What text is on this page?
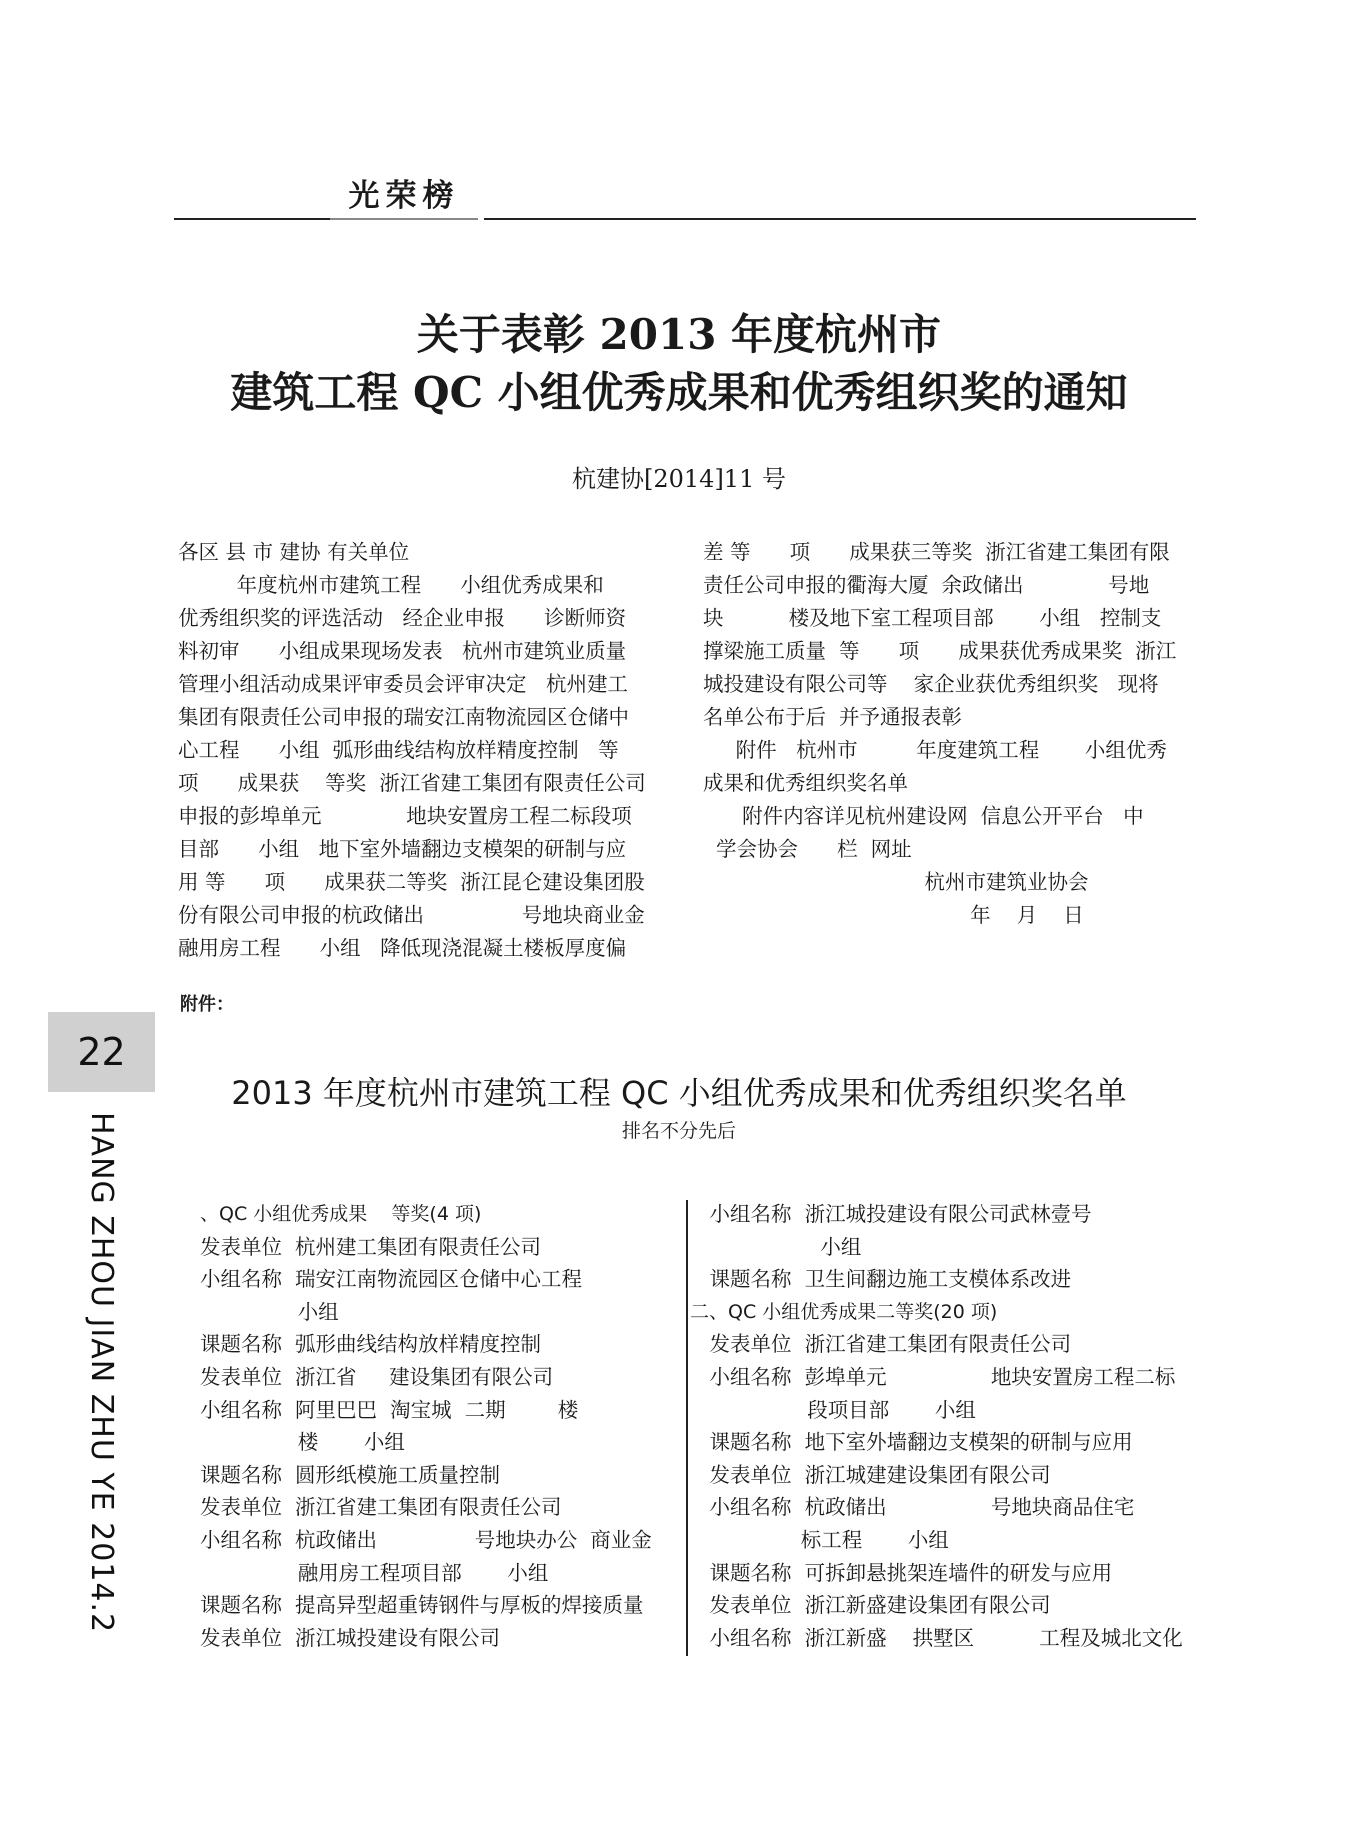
光荣榜
关于表彰 2013 年度杭州市
建筑工程 QC 小组优秀成果和优秀组织奖的通知
杭建协[2014]11 号
各区 县 市 建协 有关单位
年度杭州市建筑工程      小组优秀成果和
优秀组织奖的评选活动   经企业申报      诊断师资
料初审      小组成果现场发表   杭州市建筑业质量
管理小组活动成果评审委员会评审决定   杭州建工
集团有限责任公司申报的瑞安江南物流园区仓储中
心工程      小组  弧形曲线结构放样精度控制   等
项      成果获    等奖  浙江省建工集团有限责任公司
申报的彭埠单元             地块安置房工程二标段项
目部      小组   地下室外墙翻边支模架的研制与应
用 等      项      成果获二等奖  浙江昆仑建设集团股
份有限公司申报的杭政储出               号地块商业金
融用房工程      小组   降低现浇混凝土楼板厚度偏
差 等      项      成果获三等奖  浙江省建工集团有限
责任公司申报的衢海大厦  余政储出             号地
块          楼及地下室工程项目部       小组   控制支
撑梁施工质量  等      项      成果获优秀成果奖  浙江
城投建设有限公司等    家企业获优秀组织奖   现将
名单公布于后  并予通报表彰
附件   杭州市         年度建筑工程       小组优秀
成果和优秀组织奖名单
附件内容详见杭州建设网  信息公开平台   中
学会协会      栏  网址
杭州市建筑业协会
年    月    日
附件：
22
HANG ZHOU JIAN ZHU YE 2014.2
2013 年度杭州市建筑工程 QC 小组优秀成果和优秀组织奖名单
排名不分先后
、QC 小组优秀成果    等奖(4 项)
发表单位  杭州建工集团有限责任公司
小组名称  瑞安江南物流园区仓储中心工程
小组
课题名称  弧形曲线结构放样精度控制
发表单位  浙江省     建设集团有限公司
小组名称  阿里巴巴  淘宝城  二期        楼
楼       小组
课题名称  圆形纸模施工质量控制
发表单位  浙江省建工集团有限责任公司
小组名称  杭政储出               号地块办公  商业金
融用房工程项目部       小组
课题名称  提高异型超重铸钢件与厚板的焊接质量
发表单位  浙江城投建设有限公司
小组名称  浙江城投建设有限公司武林壹号
小组
课题名称  卫生间翻边施工支模体系改进
二、QC 小组优秀成果二等奖(20 项)
发表单位  浙江省建工集团有限责任公司
小组名称  彭埠单元                地块安置房工程二标
段项目部       小组
课题名称  地下室外墙翻边支模架的研制与应用
发表单位  浙江城建建设集团有限公司
小组名称  杭政储出                号地块商品住宅
标工程       小组
课题名称  可拆卸悬挑架连墙件的研发与应用
发表单位  浙江新盛建设集团有限公司
小组名称  浙江新盛    拱墅区          工程及城北文化
